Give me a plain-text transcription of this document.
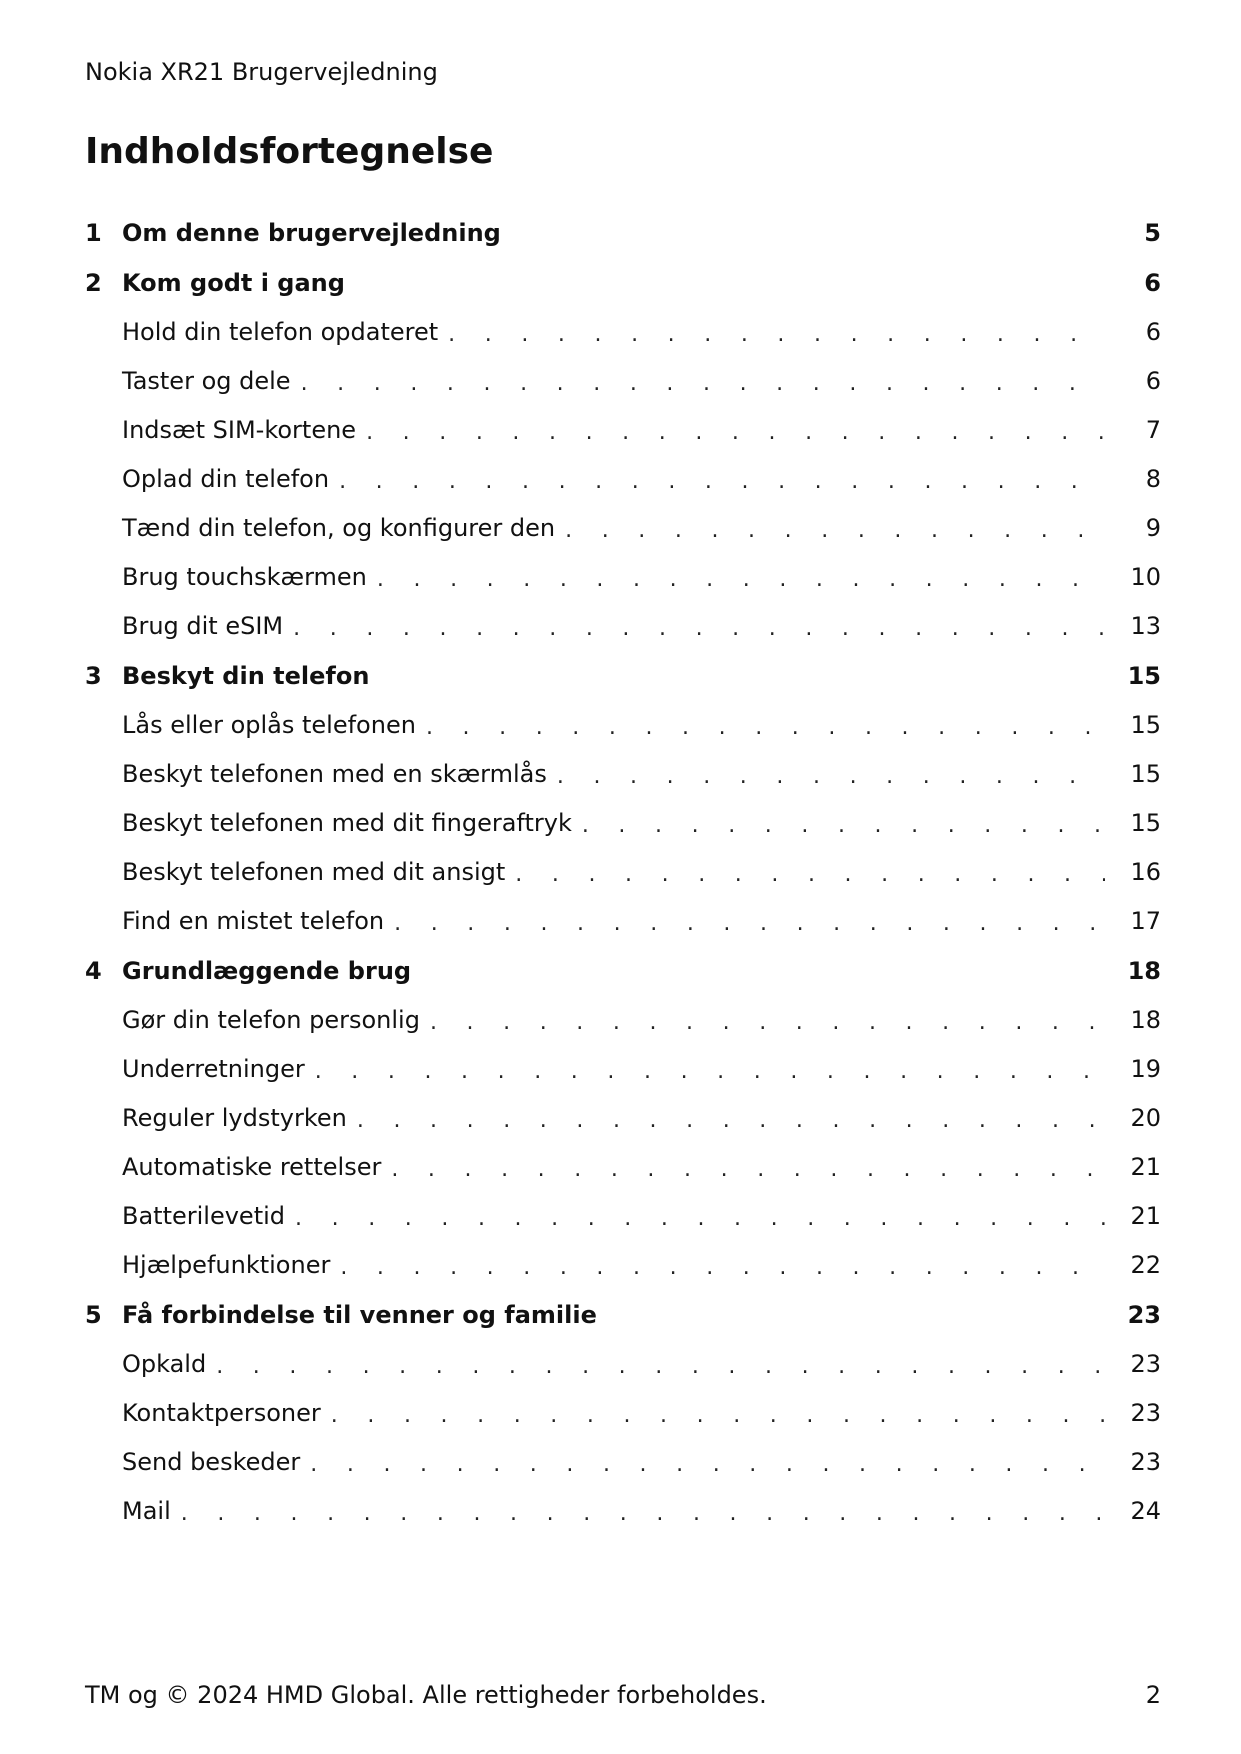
Nokia XR21 Brugervejledning
Indholdsfortegnelse
1 Om denne brugervejledning	5
2 Kom godt i gang	6
Hold din telefon opdateret . . .	6
Taster og dele . . .	6
Indsæt SIM-kortene . . .	7
Oplad din telefon . . .	8
Tænd din telefon, og konfigurer den . . .	9
Brug touchskærmen . . .	10
Brug dit eSIM . . .	13
3 Beskyt din telefon	15
Lås eller oplås telefonen . . .	15
Beskyt telefonen med en skærmlås . . .	15
Beskyt telefonen med dit fingeraftryk . . .	15
Beskyt telefonen med dit ansigt . . .	16
Find en mistet telefon . . .	17
4 Grundlæggende brug	18
Gør din telefon personlig . . .	18
Underretninger . . .	19
Reguler lydstyrken . . .	20
Automatiske rettelser . . .	21
Batterilevetid . . .	21
Hjælpefunktioner . . .	22
5 Få forbindelse til venner og familie	23
Opkald . . .	23
Kontaktpersoner . . .	23
Send beskeder . . .	23
Mail . . .	24
TM og © 2024 HMD Global. Alle rettigheder forbeholdes.	2
